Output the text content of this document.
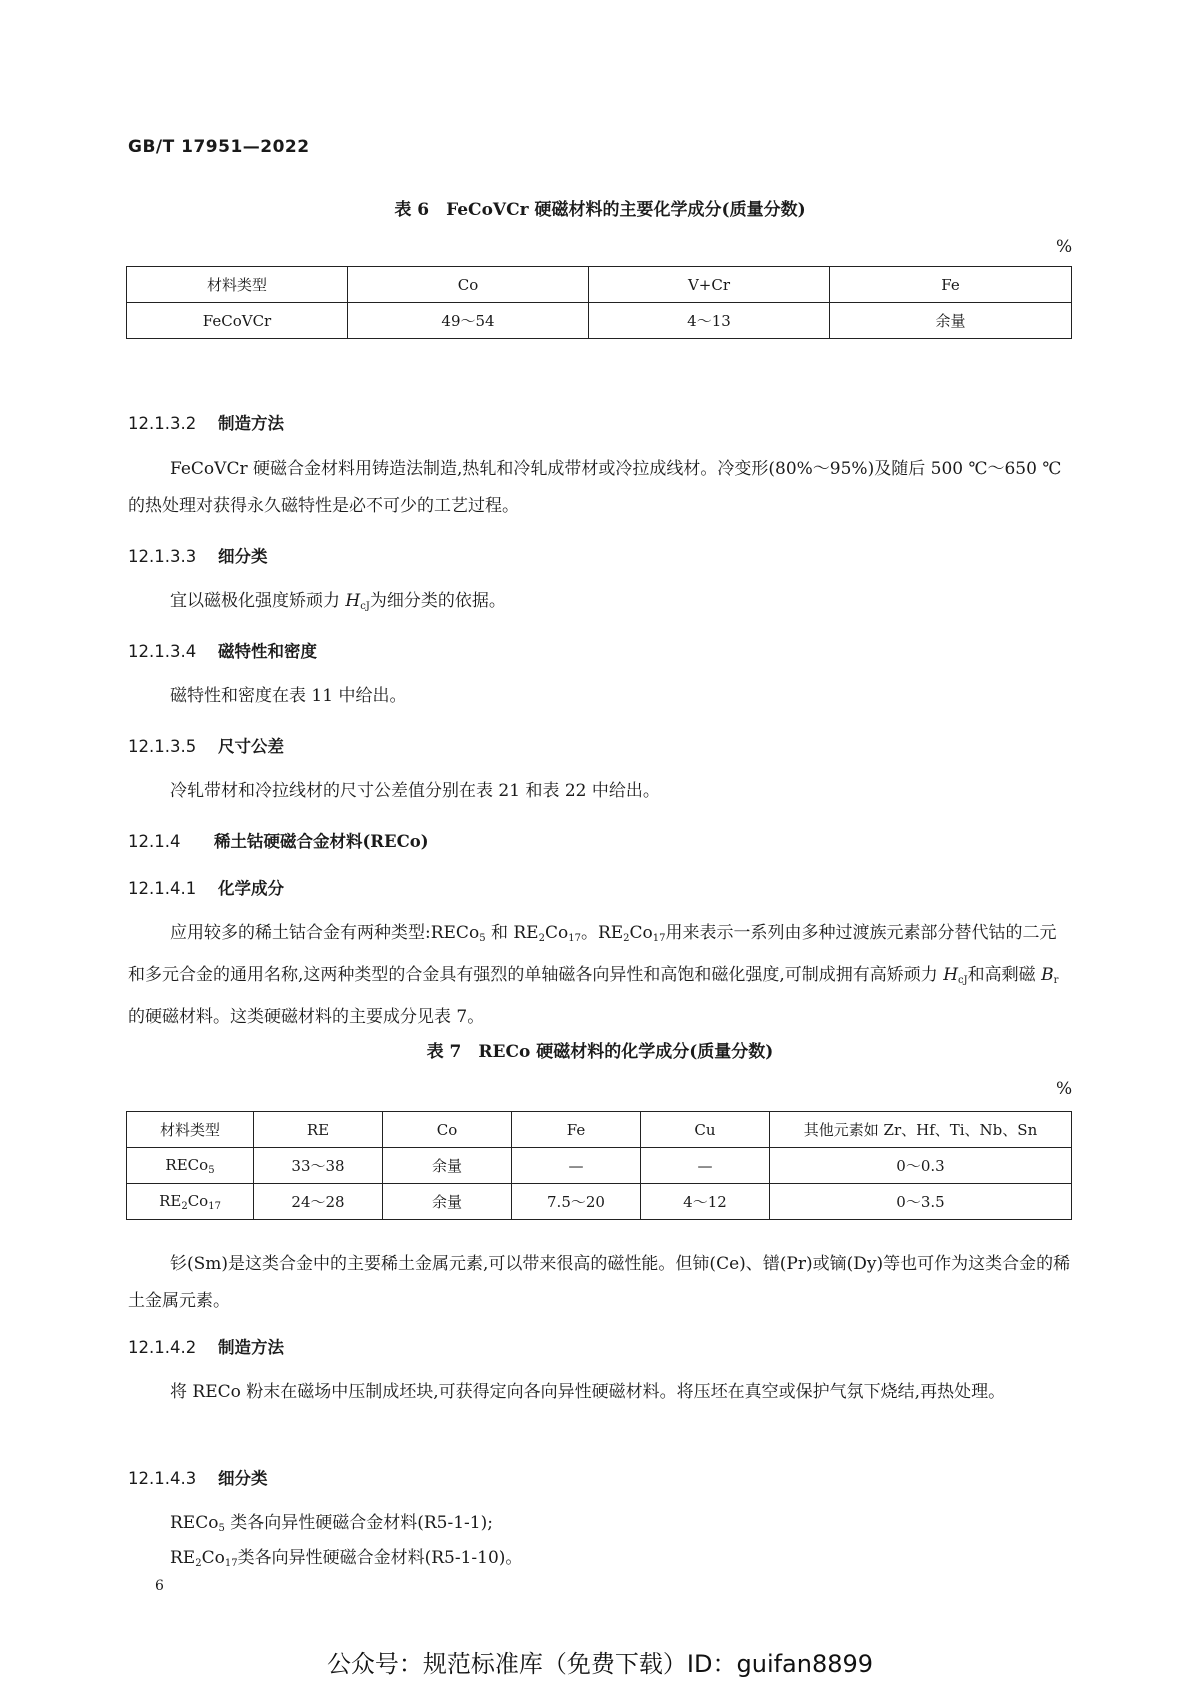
GB/T 17951—2022
表 6　FeCoVCr 硬磁材料的主要化学成分(质量分数)
%
材料类型	Co	V+Cr	Fe
FeCoVCr	49～54	4～13	余量
12.1.3.2 制造方法
FeCoVCr 硬磁合金材料用铸造法制造,热轧和冷轧成带材或冷拉成线材。冷变形(80%～95%)及随后 500 ℃～650 ℃的热处理对获得永久磁特性是必不可少的工艺过程。
12.1.3.3 细分类
宜以磁极化强度矫顽力 $H_{cJ}$为细分类的依据。
12.1.3.4 磁特性和密度
磁特性和密度在表 11 中给出。
12.1.3.5 尺寸公差
冷轧带材和冷拉线材的尺寸公差值分别在表 21 和表 22 中给出。
12.1.4 稀土钴硬磁合金材料(RECo)
12.1.4.1 化学成分
应用较多的稀土钴合金有两种类型:RECo$_5$ 和 $RE_2Co_{17}$。$RE_2Co_{17}$用来表示一系列由多种过渡族元素部分替代钴的二元和多元合金的通用名称,这两种类型的合金具有强烈的单轴磁各向异性和高饱和磁化强度,可制成拥有高矫顽力 $H_{cJ}$和高剩磁 $B_r$ 的硬磁材料。这类硬磁材料的主要成分见表 7。
表 7　RECo 硬磁材料的化学成分(质量分数)
%
材料类型	RE	Co	Fe	Cu	其他元素如 Zr、Hf、Ti、Nb、Sn
RECo$_5$	33～38	余量	—	—	0～0.3
$RE_2Co_{17}$	24～28	余量	7.5～20	4～12	0～3.5
钐(Sm)是这类合金中的主要稀土金属元素,可以带来很高的磁性能。但铈(Ce)、镨(Pr)或镝(Dy)等也可作为这类合金的稀土金属元素。
12.1.4.2 制造方法
将 RECo 粉末在磁场中压制成坯块,可获得定向各向异性硬磁材料。将压坯在真空或保护气氛下烧结,再热处理。
12.1.4.3 细分类
RECo$_5$ 类各向异性硬磁合金材料(R5-1-1);
$RE_2Co_{17}$类各向异性硬磁合金材料(R5-1-10)。
6
公众号：规范标准库（免费下载）ID：guifan8899
